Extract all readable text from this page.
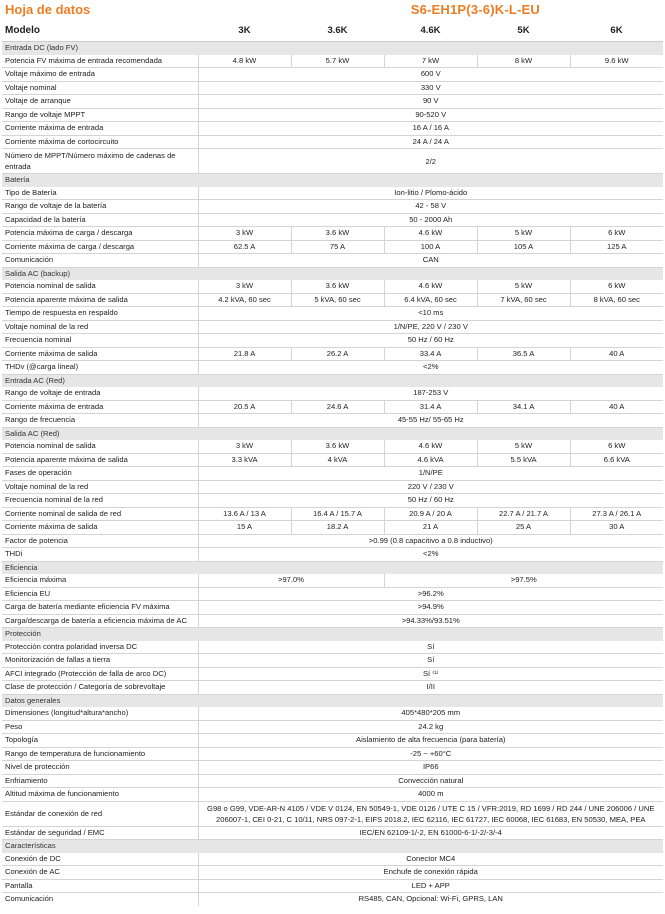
Hoja de datos	S6-EH1P(3-6)K-L-EU
Modelo	3K	3.6K	4.6K	5K	6K
Entrada DC (lado FV)					
Potencia FV máxima de entrada recomendada	4.8 kW	5.7 kW	7 kW	8 kW	9.6 kW
Voltaje máximo de entrada	600 V				
Voltaje nominal	330 V				
Voltaje de arranque	90 V				
Rango de voltaje MPPT	90-520 V				
Corriente máxima de entrada	16 A / 16 A				
Corriente máxima de cortocircuito	24 A / 24 A				
Número de MPPT/Número máximo de cadenas de entrada	2/2				
Batería					
Tipo de Batería	Ion-litio / Plomo-ácido				
Rango de voltaje de la batería	42 - 58 V				
Capacidad de la batería	50 - 2000 Ah				
Potencia máxima de carga / descarga	3 kW	3.6 kW	4.6 kW	5 kW	6 kW
Corriente máxima de carga / descarga	62.5 A	75 A	100 A	105 A	125 A
Comunicación	CAN				
Salida AC (backup)					
Potencia nominal de salida	3 kW	3.6 kW	4.6 kW	5 kW	6 kW
Potencia aparente máxima de salida	4.2 kVA, 60 sec	5 kVA, 60 sec	6.4 kVA, 60 sec	7 kVA, 60 sec	8 kVA, 60 sec
Tiempo de respuesta en respaldo	<10 ms				
Voltaje nominal de la red	1/N/PE, 220 V / 230 V				
Frecuencia nominal	50 Hz / 60 Hz				
Corriente máxima de salida	21.8 A	26.2 A	33.4 A	36.5 A	40 A
THDv (@carga lineal)	<2%				
Entrada AC (Red)					
Rango de voltaje de entrada	187-253 V				
Corriente máxima de entrada	20.5 A	24.6 A	31.4 A	34.1 A	40 A
Rango de frecuencia	45-55 Hz/ 55-65 Hz				
Salida AC (Red)					
Potencia nominal de salida	3 kW	3.6 kW	4.6 kW	5 kW	6 kW
Potencia aparente máxima de salida	3.3 kVA	4 kVA	4.6 kVA	5.5 kVA	6.6 kVA
Fases de operación	1/N/PE				
Voltaje nominal de la red	220 V / 230 V				
Frecuencia nominal de la red	50 Hz / 60 Hz				
Corriente nominal de salida de red	13.6 A / 13 A	16.4 A / 15.7 A	20.9 A / 20 A	22.7 A / 21.7 A	27.3 A / 26.1 A
Corriente máxima de salida	15 A	18.2 A	21 A	25 A	30 A
Factor de potencia	>0.99 (0.8 capacitivo a 0.8 inductivo)				
THDi	<2%				
Eficiencia					
Eficiencia máxima	>97.0%		>97.5%		
Eficiencia EU	>96.2%				
Carga de batería mediante eficiencia FV máxima	>94.9%				
Carga/descarga de batería a eficiencia máxima de AC	>94.33%/93.51%				
Protección					
Protección contra polaridad inversa DC	Sí				
Monitorización de fallas a tierra	Sí				
AFCI integrado (Protección de falla de arco DC)	Sí ⁽¹⁾				
Clase de protección / Categoría de sobrevoltaje	I/II				
Datos generales					
Dimensiones (longitud*altura*ancho)	405*480*205 mm				
Peso	24.2 kg				
Topología	Aislamiento de alta frecuencia (para batería)				
Rango de temperatura de funcionamiento	-25 ~ +60°C				
Nivel de protección	IP66				
Enfriamiento	Convección natural				
Altitud máxima de funcionamiento	4000 m				
Estándar de conexión de red	G98 o G99, VDE-AR-N 4105 / VDE V 0124, EN 50549-1, VDE 0126 / UTE C 15 / VFR:2019, RD 1699 / RD 244 / UNE 206006 / UNE 206007-1, CEI 0-21, C 10/11, NRS 097-2-1, EIFS 2018.2, IEC 62116, IEC 61727, IEC 60068, IEC 61683, EN 50530, MEA, PEA				
Estándar de seguridad / EMC	IEC/EN 62109-1/-2, EN 61000-6-1/-2/-3/-4				
Características					
Conexión de DC	Conector MC4				
Conexión de AC	Enchufe de conexión rápida				
Pantalla	LED + APP				
Comunicación	RS485, CAN, Opcional: Wi-Fi, GPRS, LAN				
